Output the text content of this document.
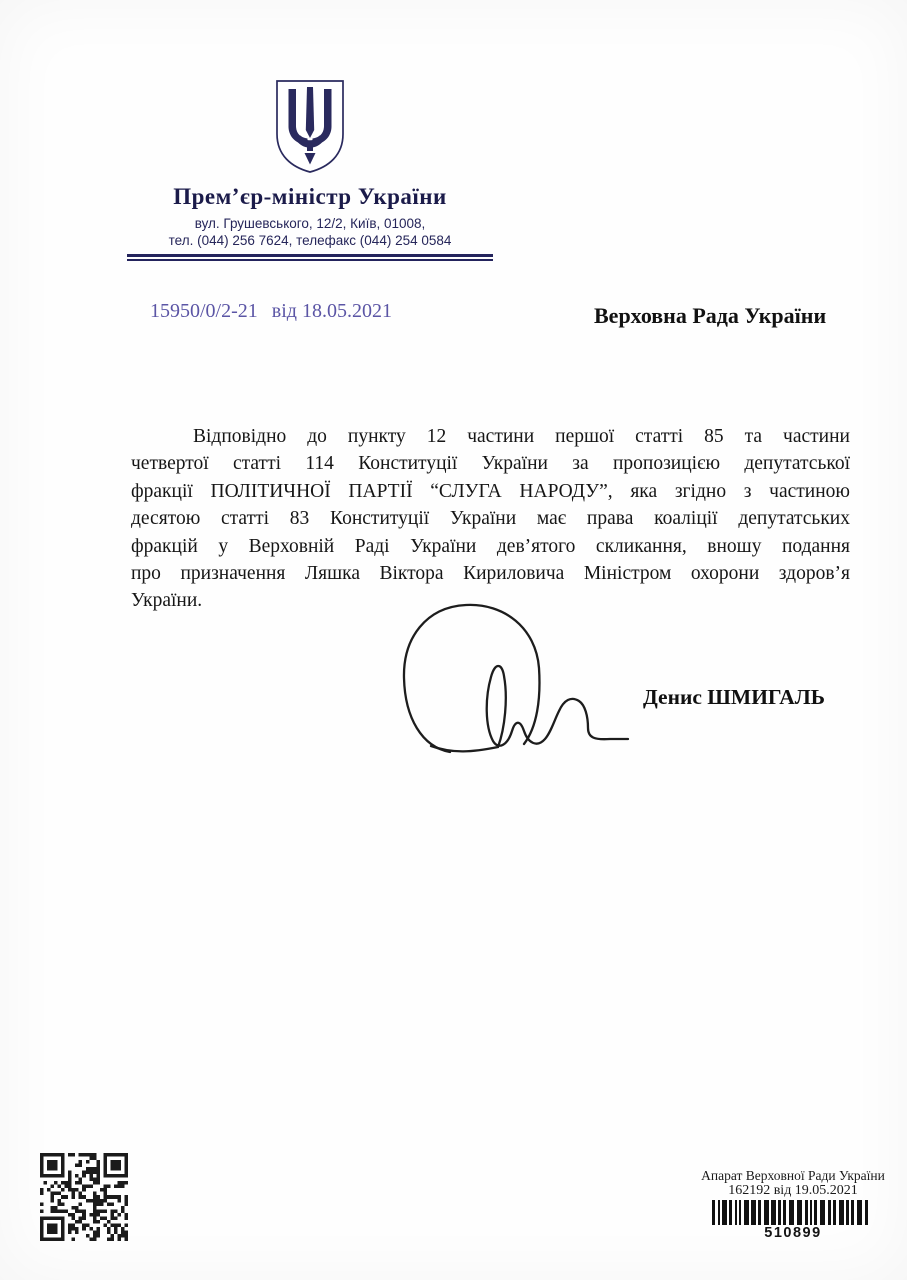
Прем’єр-міністр України
вул. Грушевського, 12/2, Київ, 01008,
тел. (044) 256 7624, телефакс (044) 254 0584
15950/0/2-21 від 18.05.2021	Верховна Рада України
Відповідно до пункту 12 частини першої статті 85 та частини
четвертої статті 114 Конституції України за пропозицією депутатської
фракції ПОЛІТИЧНОЇ ПАРТІЇ “СЛУГА НАРОДУ”, яка згідно з частиною
десятою статті 83 Конституції України має права коаліції депутатських
фракцій у Верховній Раді України дев’ятого скликання, вношу подання
про призначення Ляшка Віктора Кириловича Міністром охорони здоров’я
України.
Денис ШМИГАЛЬ
Апарат Верховної Ради України
162192 від 19.05.2021
510899
